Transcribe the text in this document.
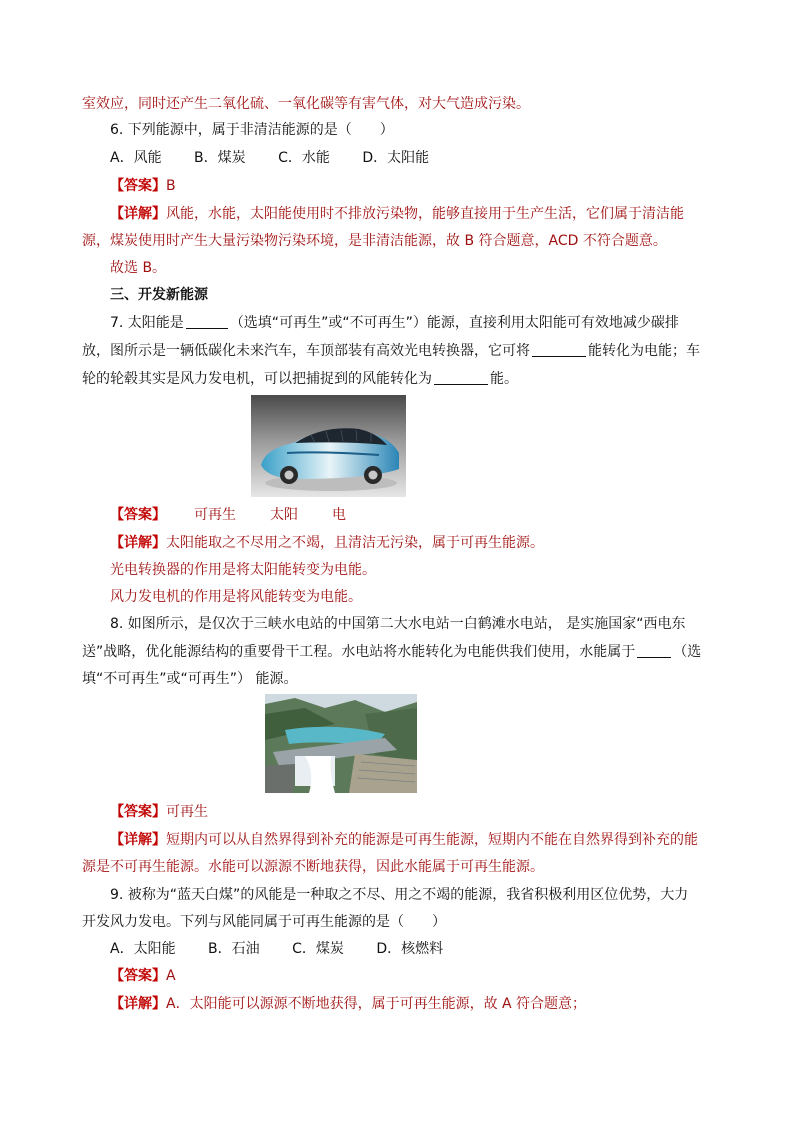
室效应，同时还产生二氧化硫、一氧化碳等有害气体，对大气造成污染。
6. 下列能源中，属于非清洁能源的是（　　）
A．风能 B．煤炭 C．水能 D．太阳能
【答案】B
【详解】风能，水能，太阳能使用时不排放污染物，能够直接用于生产生活，它们属于清洁能
源，煤炭使用时产生大量污染物污染环境，是非清洁能源，故 B 符合题意，ACD 不符合题意。
故选 B。
三、开发新能源
7. 太阳能是	（选填“可再生”或“不可再生”）能源，直接利用太阳能可有效地减少碳排
放，图所示是一辆低碳化未来汽车，车顶部装有高效光电转换器，它可将	能转化为电能；车
轮的轮毂其实是风力发电机，可以把捕捉到的风能转化为	能。
【答案】 可再生 太阳 电
【详解】太阳能取之不尽用之不竭，且清洁无污染，属于可再生能源。
光电转换器的作用是将太阳能转变为电能。
风力发电机的作用是将风能转变为电能。
8. 如图所示，是仅次于三峡水电站的中国第二大水电站一白鹤滩水电站， 是实施国家“西电东
送”战略，优化能源结构的重要骨干工程。水电站将水能转化为电能供我们使用，水能属于	（选
填“不可再生”或“可再生”） 能源。
【答案】可再生
【详解】短期内可以从自然界得到补充的能源是可再生能源，短期内不能在自然界得到补充的能
源是不可再生能源。水能可以源源不断地获得，因此水能属于可再生能源。
9. 被称为“蓝天白煤”的风能是一种取之不尽、用之不竭的能源，我省积极利用区位优势，大力
开发风力发电。下列与风能同属于可再生能源的是（　　）
A．太阳能 B．石油 C．煤炭 D．核燃料
【答案】A
【详解】A．太阳能可以源源不断地获得，属于可再生能源，故 A 符合题意；
